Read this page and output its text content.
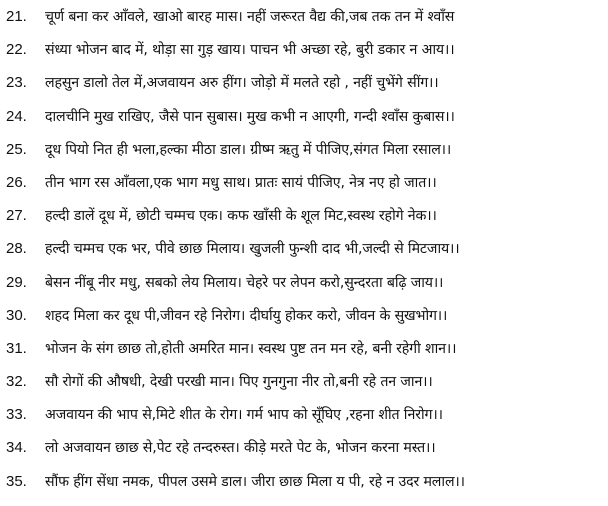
21. चूर्ण बना कर आँवले, खाओ बारह मास। नहीं जरूरत वैद्य की,जब तक तन में श्वाँस
22. संध्या भोजन बाद में, थोड़ा सा गुड़ खाय। पाचन भी अच्छा रहे, बुरी डकार न आय।।
23. लहसुन डालो तेल में,अजवायन अरु हींग। जोड़ो में मलते रहो , नहीं चुभेंगे सींग।।
24. दालचीनि मुख राखिए, जैसे पान सुबास। मुख कभी न आएगी, गन्दी श्वाँस कुबास।।
25. दूध पियो नित ही भला,हल्का मीठा डाल। ग्रीष्म ऋतु में पीजिए,संगत मिला रसाल।।
26. तीन भाग रस आँवला,एक भाग मधु साथ। प्रातः सायं पीजिए, नेत्र नए हो जात।।
27. हल्दी डालें दूध में, छोटी चम्मच एक। कफ खाँसी के शूल मिट,स्वस्थ रहोगे नेक।।
28. हल्दी चम्मच एक भर, पीवे छाछ मिलाय। खुजली फुन्शी दाद भी,जल्दी से मिटजाय।।
29. बेसन नींबू नीर मधु, सबको लेय मिलाय। चेहरे पर लेपन करो,सुन्दरता बढ़ि जाय।।
30. शहद मिला कर दूध पी,जीवन रहे निरोग। दीर्घायु होकर करो, जीवन के सुखभोग।।
31. भोजन के संग छाछ तो,होती अमरित मान। स्वस्थ पुष्ट तन मन रहे, बनी रहेगी शान।।
32. सौ रोगों की औषधी, देखी परखी मान। पिए गुनगुना नीर तो,बनी रहे तन जान।।
33. अजवायन की भाप से,मिटे शीत के रोग। गर्म भाप को सूँघिए ,रहना शीत निरोग।।
34. लो अजवायन छाछ से,पेट रहे तन्दरुस्त। कीड़े मरते पेट के, भोजन करना मस्त।।
35. सौंफ हींग सेंधा नमक, पीपल उसमे डाल। जीरा छाछ मिला य पी, रहे न उदर मलाल।।
